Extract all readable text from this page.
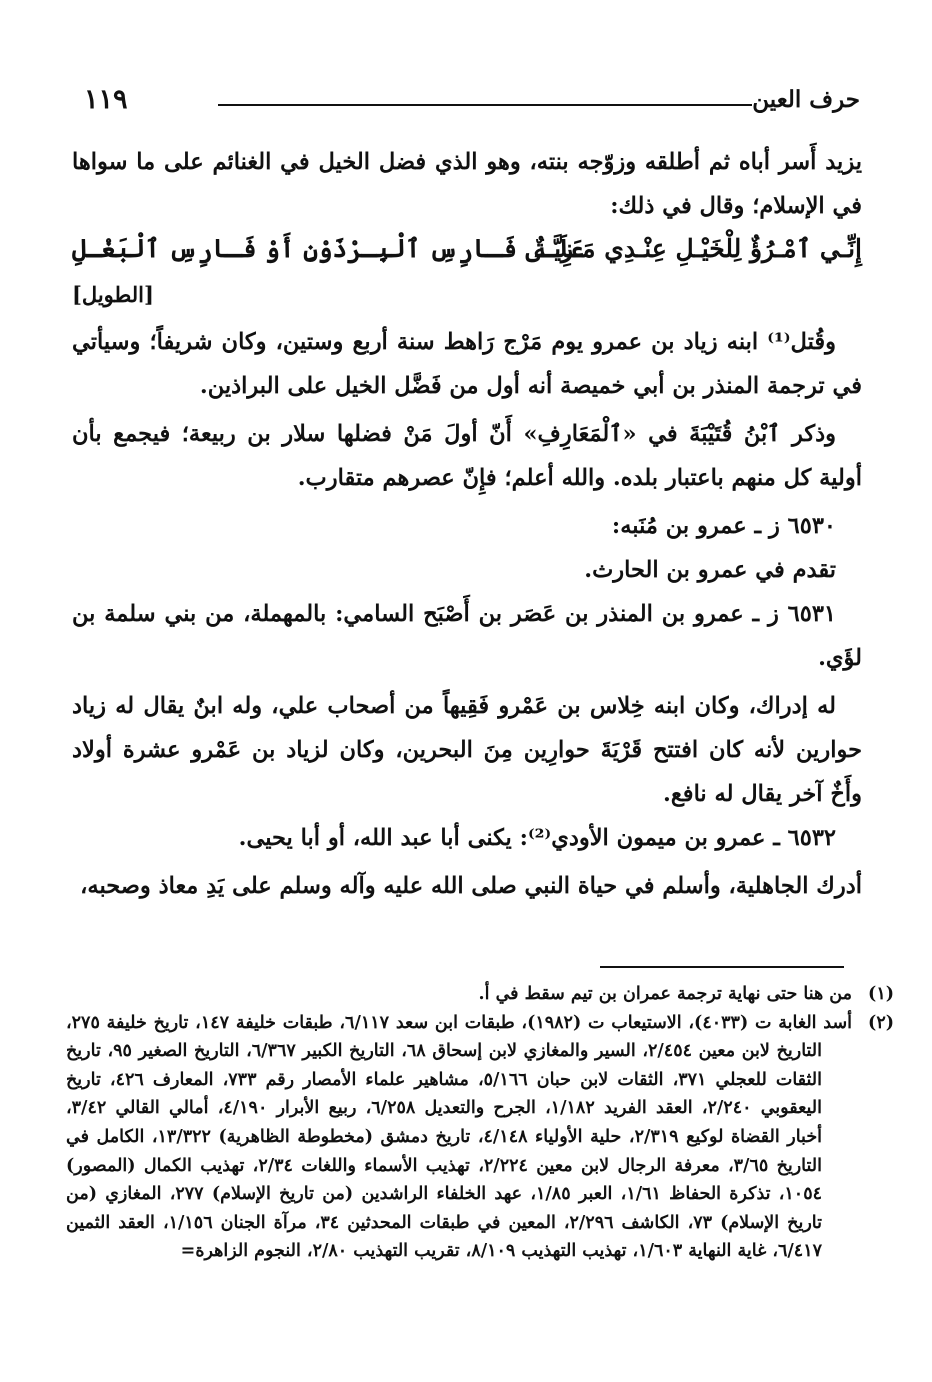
١١٩	حرف العين

يزيد أَسر أباه ثم أطلقه وزوّجه بنته، وهو الذي فضل الخيل في الغنائم على ما سواها في الإسلام؛ وقال في ذلك:

إِنِّـي ٱمْـرُؤٌ لِلْخَيْـلِ عِنْـدِي مَـزِيَّـةٌ
عَلَـى فَـارِسِ ٱلْبِـرْذَوْنِ أَوْ فَـارِسِ ٱلْبَغْـلِ
[الطويل]

وقُتل⁽¹⁾ ابنه زياد بن عمرو يوم مَرْج رَاهط سنة أربع وستين، وكان شريفاً؛ وسيأتي في ترجمة المنذر بن أبي خميصة أنه أول من فَضَّل الخيل على البراذين.

وذكر ٱبْنُ قُتَيْبَةَ في «ٱلْمَعَارِفِ» أَنّ أولَ مَنْ فضلها سلار بن ربيعة؛ فيجمع بأن أولية كل منهم باعتبار بلده. والله أعلم؛ فإِنّ عصرهم متقارب.

٦٥٣٠ ز ـ عمرو بن مُنَبه:

تقدم في عمرو بن الحارث.

٦٥٣١ ز ـ عمرو بن المنذر بن عَصَر بن أَصْبَح السامي: بالمهملة، من بني سلمة بن لؤَي.

له إدراك، وكان ابنه خِلاس بن عَمْرو فَقِيهاً من أصحاب علي، وله ابنٌ يقال له زياد حوارين لأنه كان افتتح قَرْيَةَ حوارِين مِنَ البحرين، وكان لزياد بن عَمْرو عشرة أولاد وأَخٌ آخر يقال له نافع.

٦٥٣٢ ـ عمرو بن ميمون الأودي⁽²⁾: يكنى أبا عبد الله، أو أبا يحيى.

أدرك الجاهلية، وأسلم في حياة النبي صلى الله عليه وآله وسلم على يَدِ معاذ وصحبه،

(١)من هنا حتى نهاية ترجمة عمران بن تيم سقط في أ.

(٢)أسد الغابة ت (٤٠٣٣)، الاستيعاب ت (١٩٨٢)، طبقات ابن سعد ٦/١١٧، طبقات خليفة ١٤٧، تاريخ خليفة ٢٧٥، التاريخ لابن معين ٢/٤٥٤، السير والمغازي لابن إسحاق ٦٨، التاريخ الكبير ٦/٣٦٧، التاريخ الصغير ٩٥، تاريخ الثقات للعجلي ٣٧١، الثقات لابن حبان ٥/١٦٦، مشاهير علماء الأمصار رقم ٧٣٣، المعارف ٤٢٦، تاريخ اليعقوبي ٢/٢٤٠، العقد الفريد ١/١٨٢، الجرح والتعديل ٦/٢٥٨، ربيع الأبرار ٤/١٩٠، أمالي القالي ٣/٤٢، أخبار القضاة لوكيع ٢/٣١٩، حلية الأولياء ٤/١٤٨، تاريخ دمشق (مخطوطة الظاهرية) ١٣/٣٢٢، الكامل في التاريخ ٣/٦٥، معرفة الرجال لابن معين ٢/٢٢٤، تهذيب الأسماء واللغات ٢/٣٤، تهذيب الكمال (المصور) ١٠٥٤، تذكرة الحفاظ ١/٦١، العبر ١/٨٥، عهد الخلفاء الراشدين (من تاريخ الإسلام) ٢٧٧، المغازي (من تاريخ الإسلام) ٧٣، الكاشف ٢/٢٩٦، المعين في طبقات المحدثين ٣٤، مرآة الجنان ١/١٥٦، العقد الثمين ٦/٤١٧، غاية النهاية ١/٦٠٣، تهذيب التهذيب ٨/١٠٩، تقريب التهذيب ٢/٨٠، النجوم الزاهرة=
